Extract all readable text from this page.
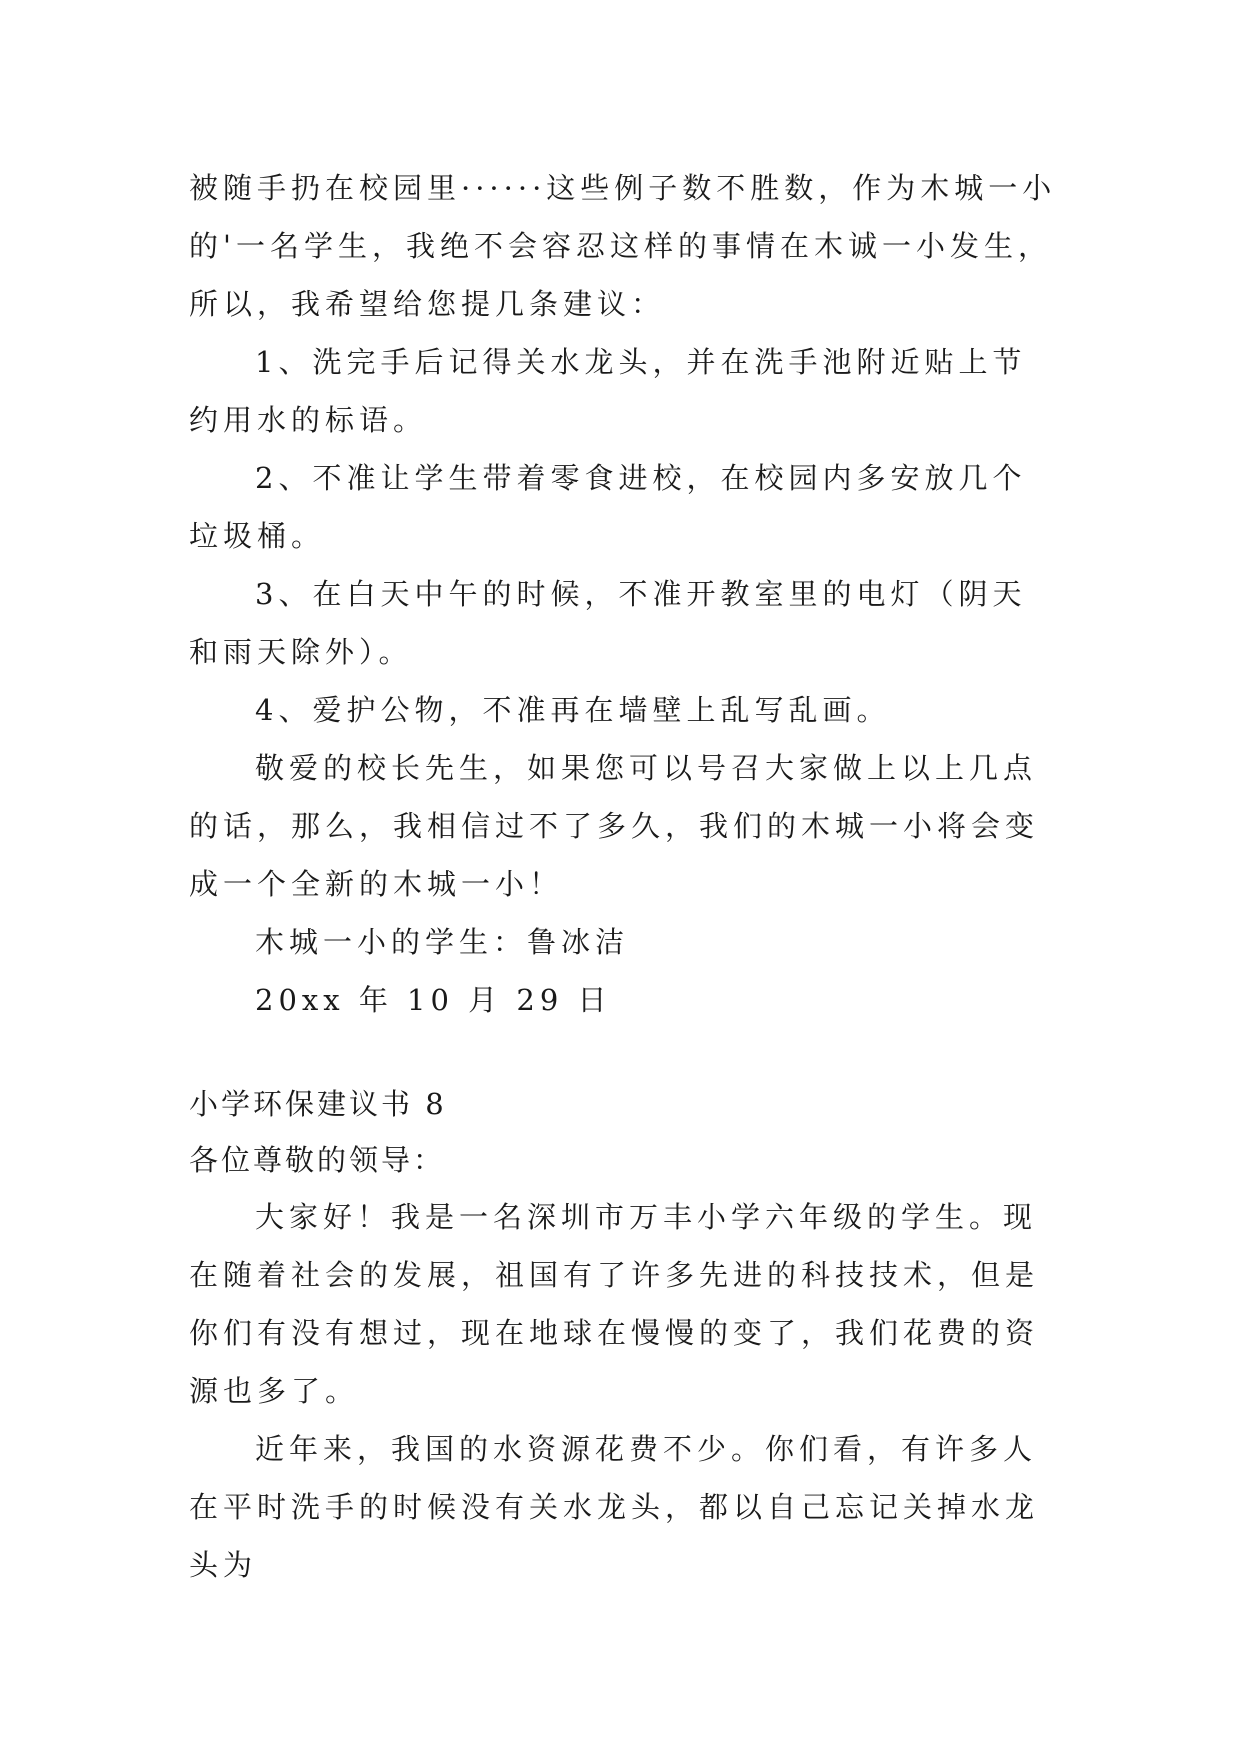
被随手扔在校园里······这些例子数不胜数，作为木城一小的'一名学生，我绝不会容忍这样的事情在木诚一小发生，所以，我希望给您提几条建议：

1、洗完手后记得关水龙头，并在洗手池附近贴上节约用水的标语。

2、不准让学生带着零食进校，在校园内多安放几个垃圾桶。

3、在白天中午的时候，不准开教室里的电灯（阴天和雨天除外）。

4、爱护公物，不准再在墙壁上乱写乱画。

敬爱的校长先生，如果您可以号召大家做上以上几点的话，那么，我相信过不了多久，我们的木城一小将会变成一个全新的木城一小！

木城一小的学生：鲁冰洁

20xx 年 10 月 29 日

小学环保建议书 8

各位尊敬的领导：

大家好！我是一名深圳市万丰小学六年级的学生。现在随着社会的发展，祖国有了许多先进的科技技术，但是你们有没有想过，现在地球在慢慢的变了，我们花费的资源也多了。

近年来，我国的水资源花费不少。你们看，有许多人在平时洗手的时候没有关水龙头，都以自己忘记关掉水龙头为
